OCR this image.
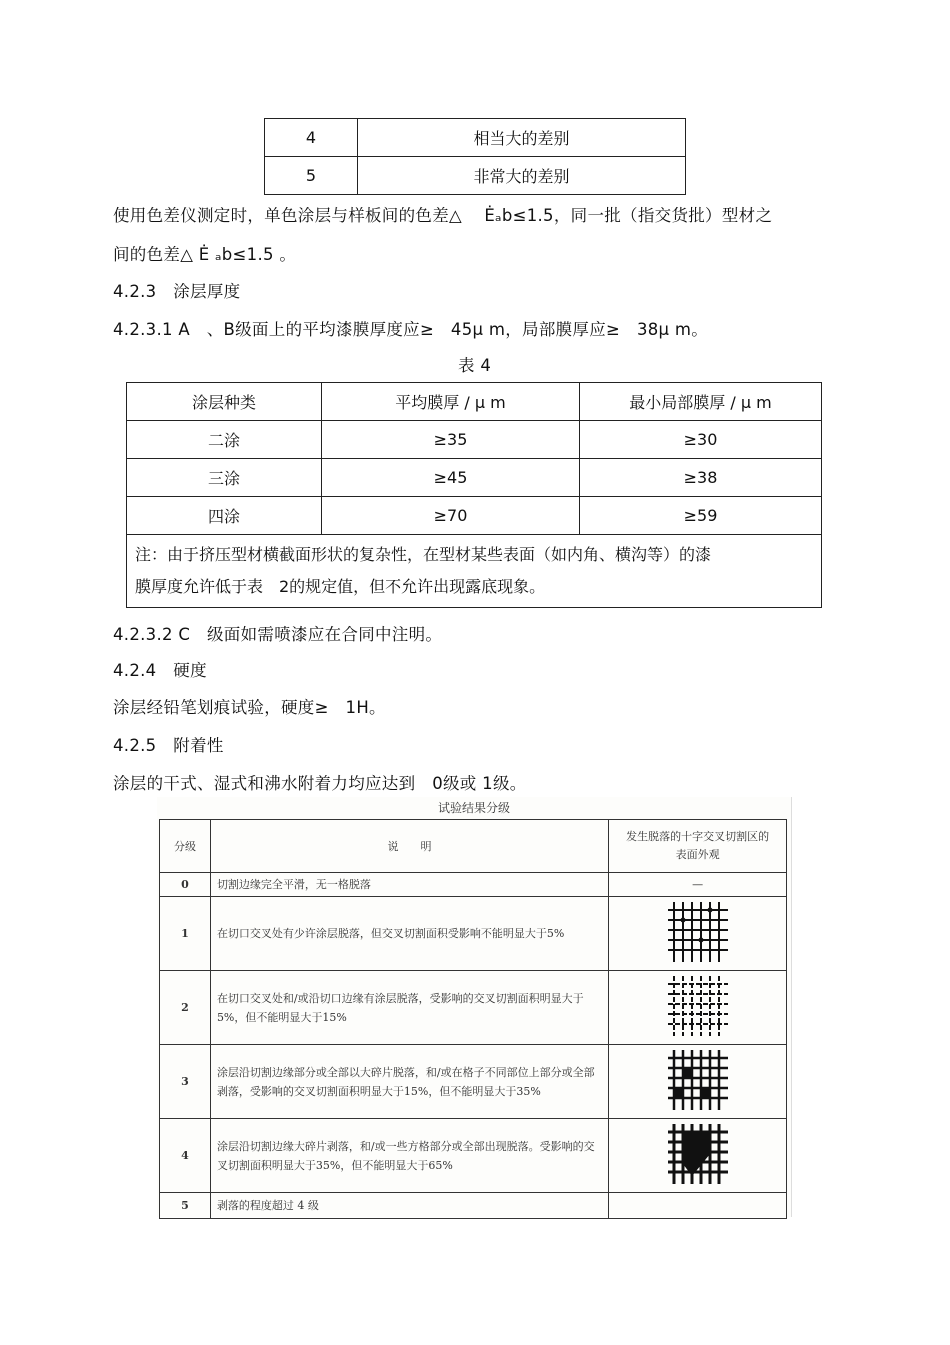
4	相当大的差别
5	非常大的差别
使用色差仪测定时，单色涂层与样板间的色差△　 Ėₐb≤1.5，同一批（指交货批）型材之
间的色差△ Ė ₐb≤1.5 。
4.2.3　涂层厚度
4.2.3.1 A　、B级面上的平均漆膜厚度应≥　45μ m，局部膜厚应≥　38μ m。
表 4
涂层种类	平均膜厚 / μ m	最小局部膜厚 / μ m
二涂	≥35	≥30
三涂	≥45	≥38
四涂	≥70	≥59

注：由于挤压型材横截面形状的复杂性，在型材某些表面（如内角、横沟等）的漆
膜厚度允许低于表　2的规定值，但不允许出现露底现象。		
4.2.3.2 C　级面如需喷漆应在合同中注明。
4.2.4　硬度
涂层经铅笔划痕试验，硬度≥　1H。
4.2.5　附着性
涂层的干式、湿式和沸水附着力均应达到　0级或 1级。
试验结果分级
分级	说　　明	发生脱落的十字交叉切割区的表面外观
0	切割边缘完全平滑，无一格脱落	—
1	在切口交叉处有少许涂层脱落，但交叉切割面积受影响不能明显大于5%	
2	在切口交叉处和/或沿切口边缘有涂层脱落，受影响的交叉切割面积明显大于5%，但不能明显大于15%	
3	涂层沿切割边缘部分或全部以大碎片脱落，和/或在格子不同部位上部分或全部剥落，受影响的交叉切割面积明显大于15%，但不能明显大于35%	
4	涂层沿切割边缘大碎片剥落，和/或一些方格部分或全部出现脱落。受影响的交叉切割面积明显大于35%，但不能明显大于65%	
5	剥落的程度超过 4 级	
